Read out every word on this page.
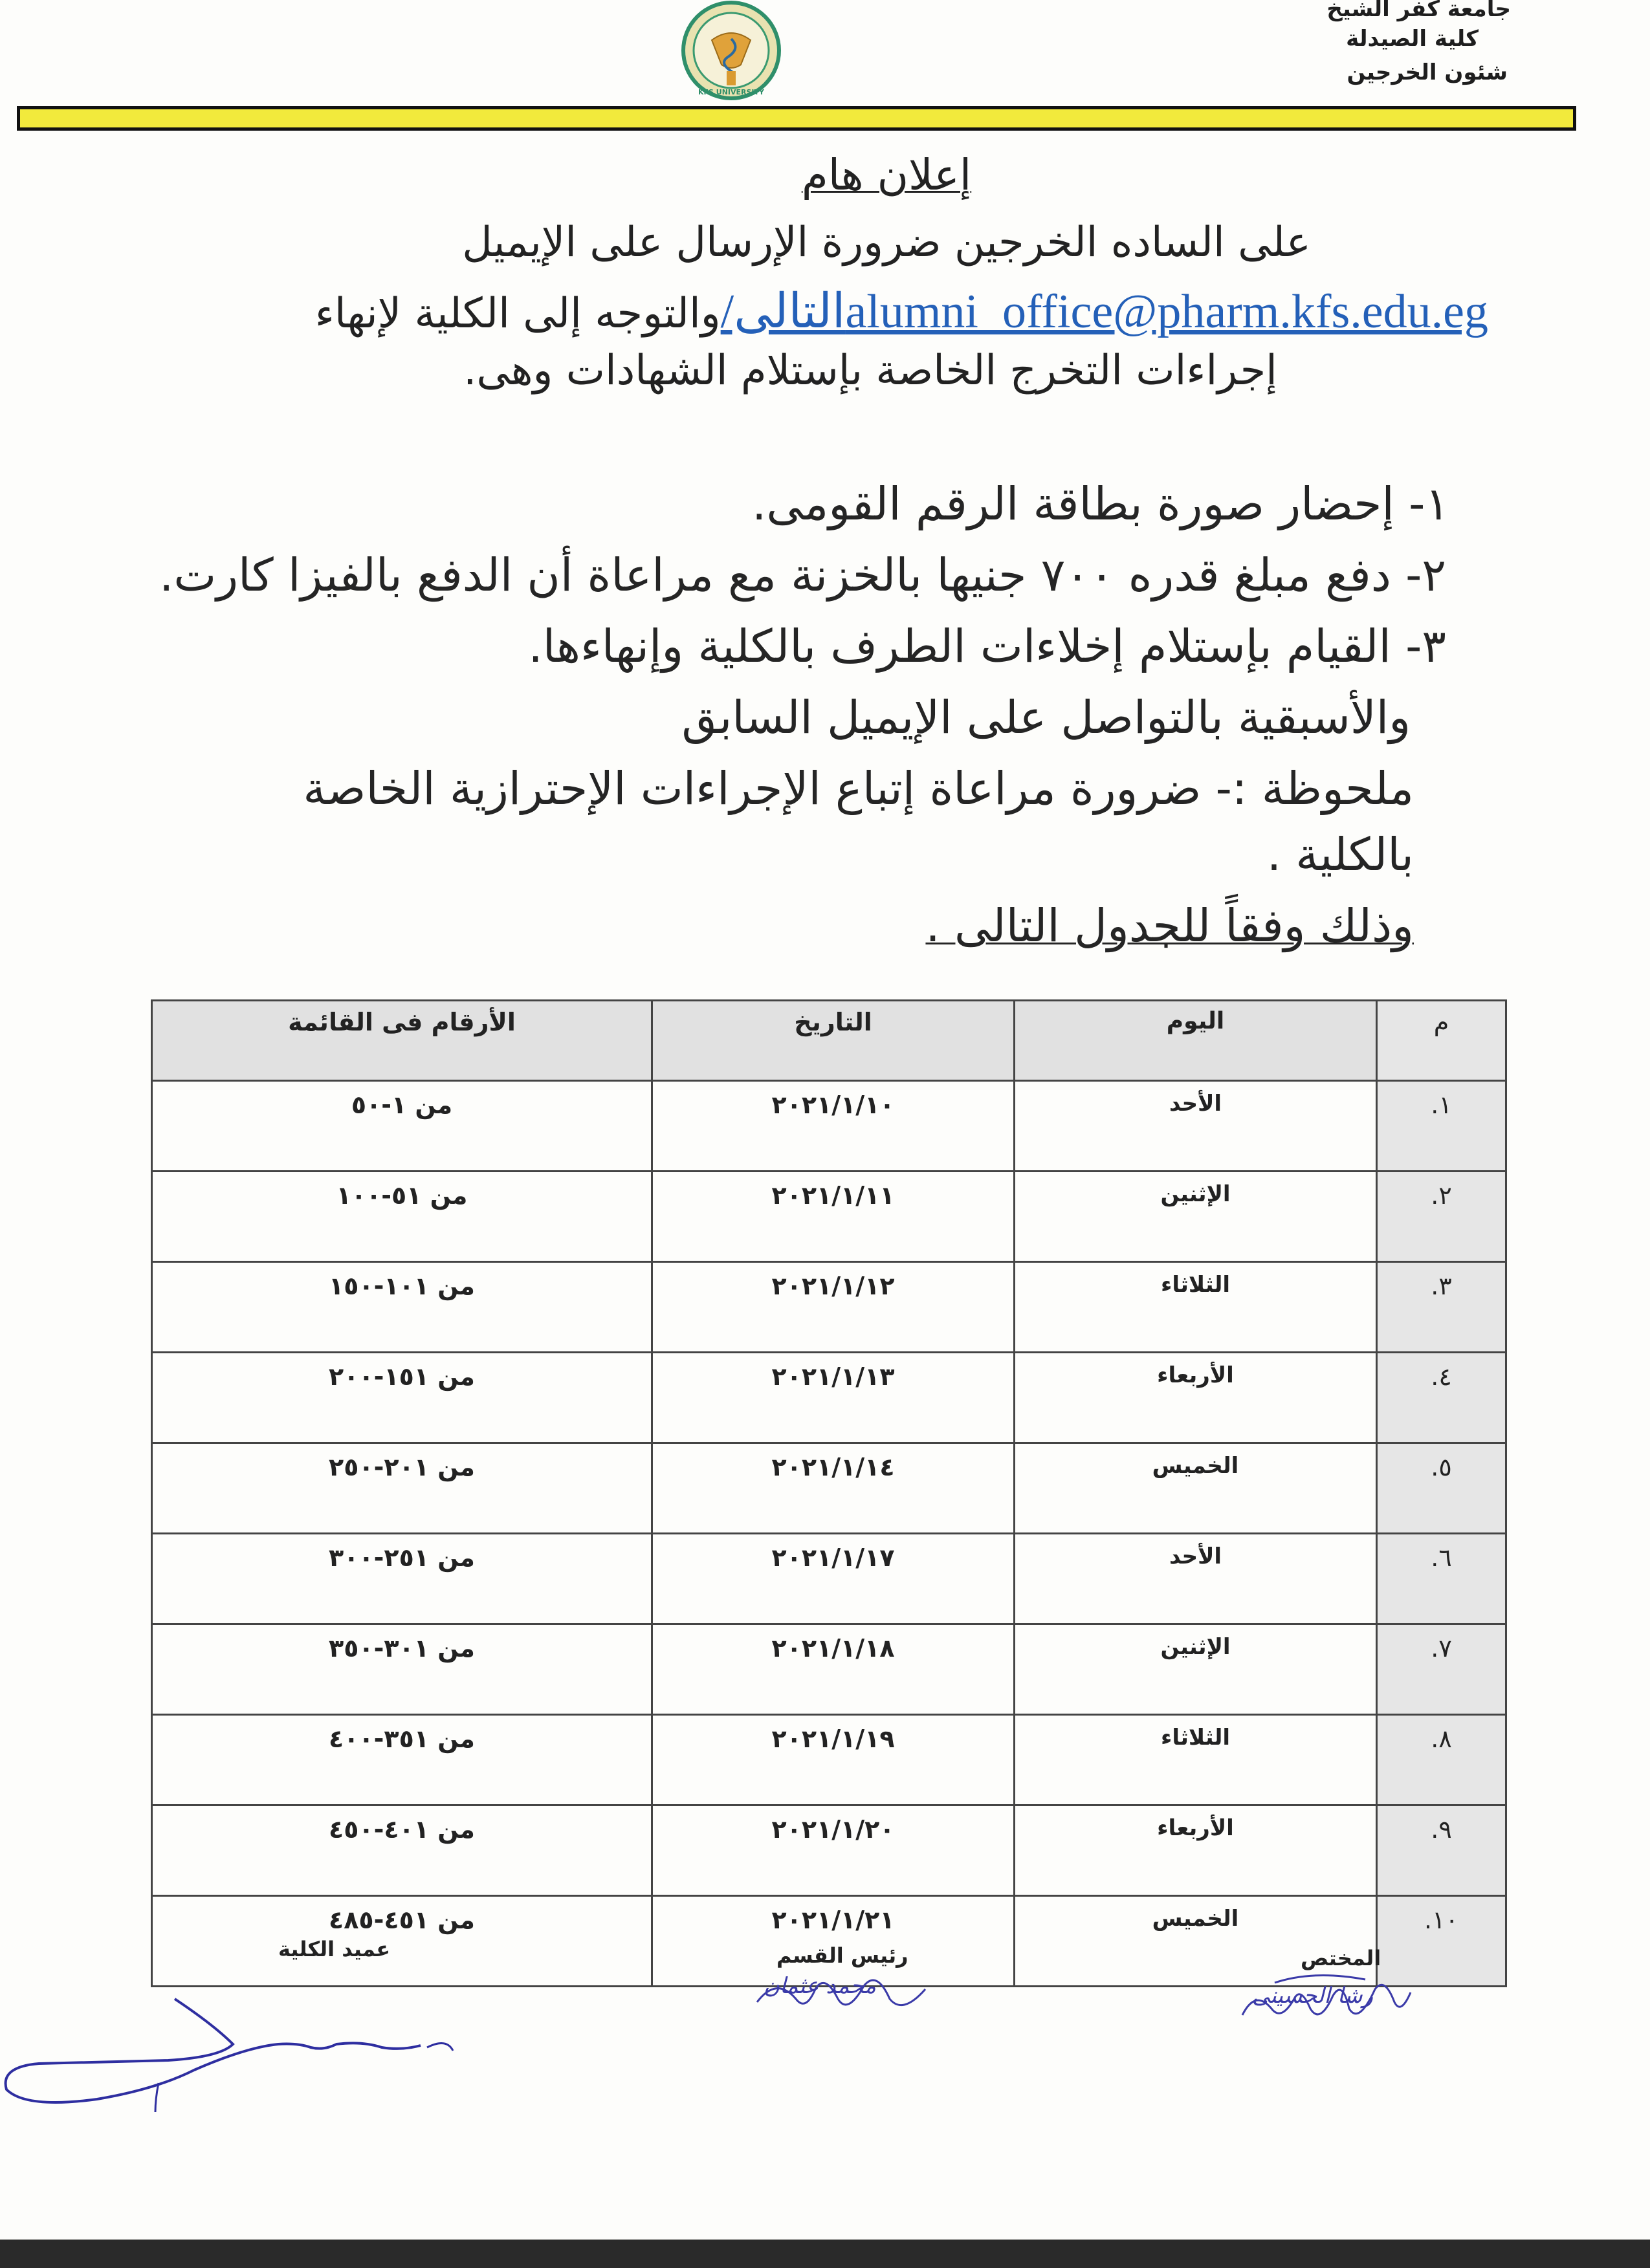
جامعة كفر الشيخ
كلية الصيدلة
شئون الخرجين
KFS UNIVERSITY
إعلان هام
على الساده الخرجين ضرورة الإرسال على الإيميل
التالى/alumni_office@pharm.kfs.edu.egوالتوجه إلى الكلية لإنهاء
إجراءات التخرج الخاصة بإستلام الشهادات وهى.
١- إحضار صورة بطاقة الرقم القومى.
٢- دفع مبلغ قدره ٧٠٠ جنيها بالخزنة مع مراعاة أن الدفع بالفيزا كارت.
٣- القيام بإستلام إخلاءات الطرف بالكلية وإنهاءها.
والأسبقية بالتواصل على الإيميل السابق
ملحوظة :- ضرورة مراعاة إتباع الإجراءات الإحترازية الخاصة
بالكلية .
وذلك وفقاً للجدول التالى .
م	اليوم	التاريخ	الأرقام فى القائمة
١.	الأحد	٢٠٢١/١/١٠	من ١-٥٠
٢.	الإثنين	٢٠٢١/١/١١	من ٥١-١٠٠
٣.	الثلاثاء	٢٠٢١/١/١٢	من ١٠١-١٥٠
٤.	الأربعاء	٢٠٢١/١/١٣	من ١٥١-٢٠٠
٥.	الخميس	٢٠٢١/١/١٤	من ٢٠١-٢٥٠
٦.	الأحد	٢٠٢١/١/١٧	من ٢٥١-٣٠٠
٧.	الإثنين	٢٠٢١/١/١٨	من ٣٠١-٣٥٠
٨.	الثلاثاء	٢٠٢١/١/١٩	من ٣٥١-٤٠٠
٩.	الأربعاء	٢٠٢١/١/٢٠	من ٤٠١-٤٥٠
١٠.	الخميس	٢٠٢١/١/٢١	من ٤٥١-٤٨٥
المختص
رشا الحسينى
رئيس القسم
محمد عثمان
عميد الكلية
